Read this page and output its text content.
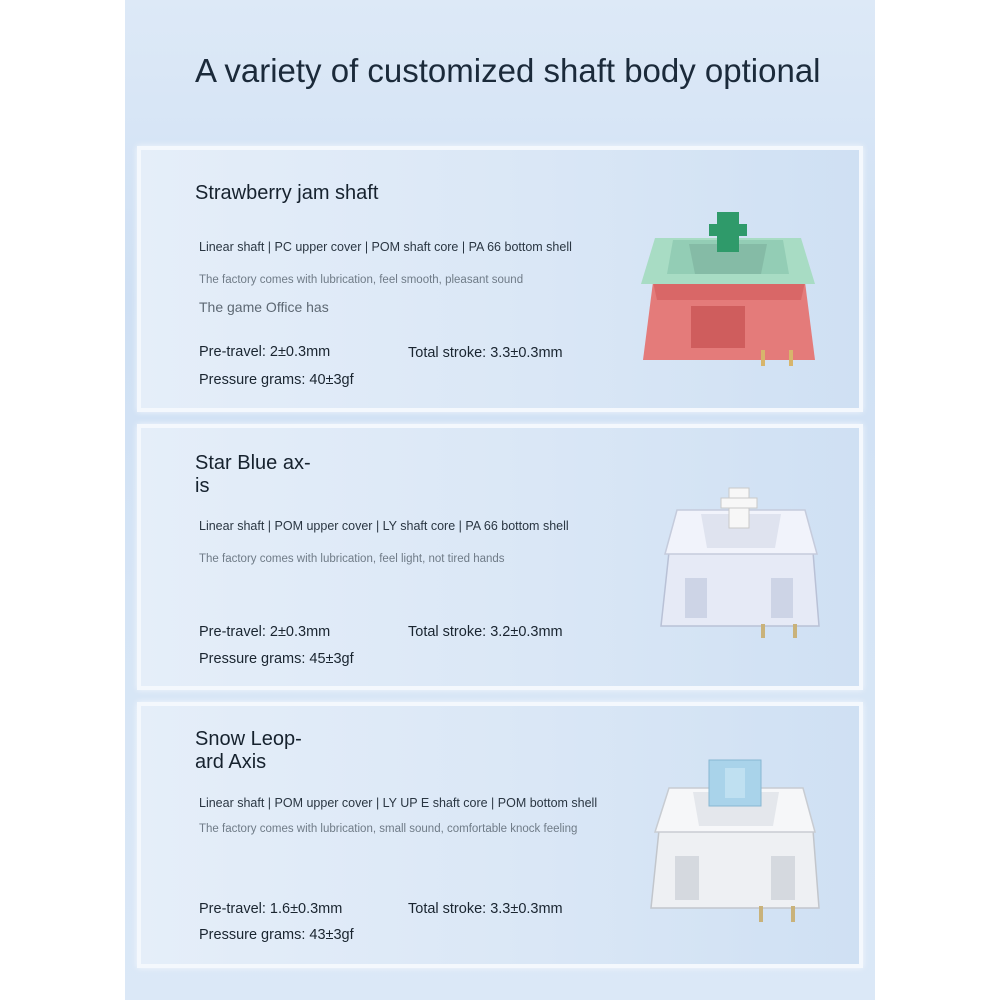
A variety of customized shaft body optional
Strawberry jam shaft
Linear shaft | PC upper cover | POM shaft core | PA 66 bottom shell
The factory comes with lubrication, feel smooth, pleasant sound
The game Office has
Pre-travel: 2±0.3mm	Total stroke: 3.3±0.3mm
Pressure grams: 40±3gf
Star Blue ax-
is
Linear shaft | POM upper cover | LY shaft core | PA 66 bottom shell
The factory comes with lubrication, feel light, not tired hands
Pre-travel: 2±0.3mm	Total stroke: 3.2±0.3mm
Pressure grams: 45±3gf
Snow Leop-
ard Axis
Linear shaft | POM upper cover | LY UP E shaft core | POM bottom shell
The factory comes with lubrication, small sound, comfortable knock feeling
Pre-travel: 1.6±0.3mm	Total stroke: 3.3±0.3mm
Pressure grams: 43±3gf
